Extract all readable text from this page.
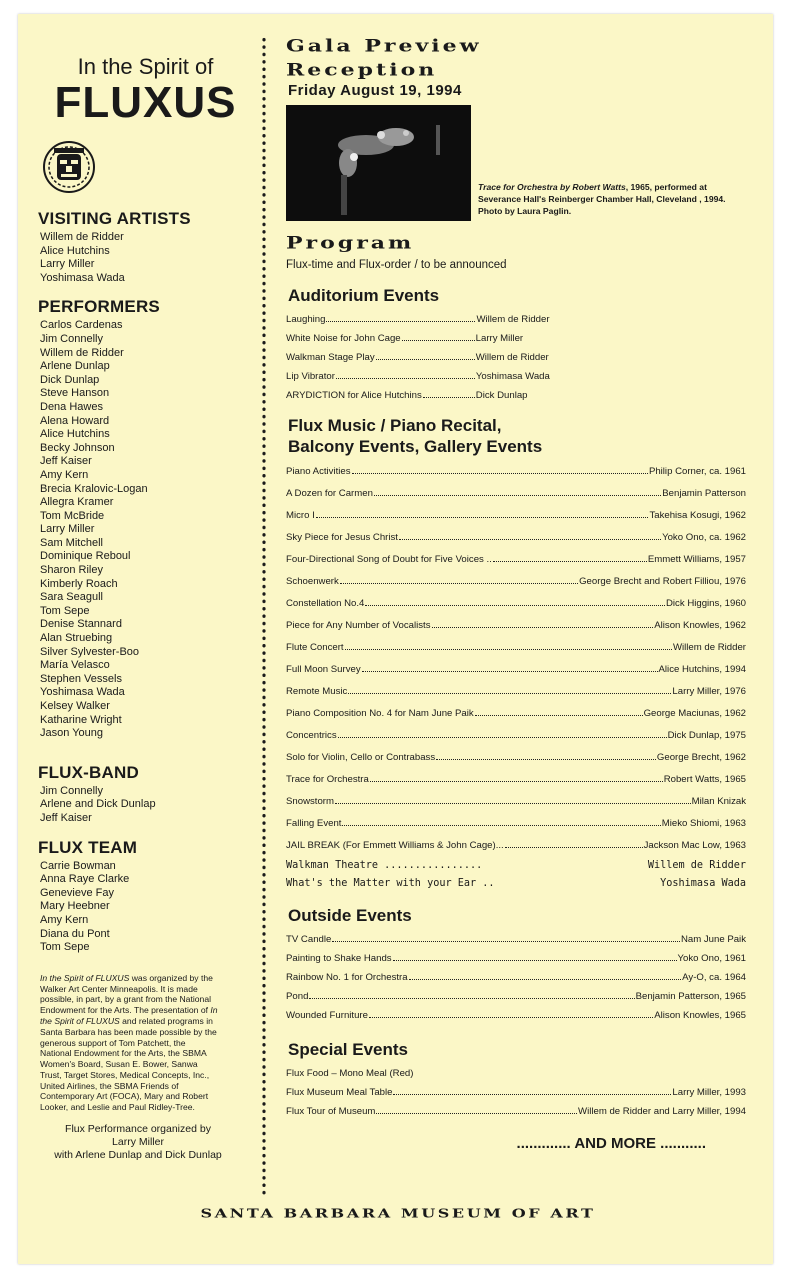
In the Spirit of
FLUXUS
VISITING ARTISTS
Willem de Ridder
Alice Hutchins
Larry Miller
Yoshimasa Wada
PERFORMERS
Carlos Cardenas
Jim Connelly
Willem de Ridder
Arlene Dunlap
Dick Dunlap
Steve Hanson
Dena Hawes
Alena Howard
Alice Hutchins
Becky Johnson
Jeff Kaiser
Amy Kern
Brecia Kralovic-Logan
Allegra Kramer
Tom McBride
Larry Miller
Sam Mitchell
Dominique Reboul
Sharon Riley
Kimberly Roach
Sara Seagull
Tom Sepe
Denise Stannard
Alan Struebing
Silver Sylvester-Boo
María Velasco
Stephen Vessels
Yoshimasa Wada
Kelsey Walker
Katharine Wright
Jason Young
FLUX-BAND
Jim Connelly
Arlene and Dick Dunlap
Jeff Kaiser
FLUX TEAM
Carrie Bowman
Anna Raye Clarke
Genevieve Fay
Mary Heebner
Amy Kern
Diana du Pont
Tom Sepe
In the Spirit of FLUXUS was organized by the Walker Art Center Minneapolis. It is made possible, in part, by a grant from the National Endowment for the Arts. The presentation of In the Spirit of FLUXUS and related programs in Santa Barbara has been made possible by the generous support of Tom Patchett, the National Endowment for the Arts, the SBMA Women's Board, Susan E. Bower, Sanwa Trust, Target Stores, Medical Concepts, Inc., United Airlines, the SBMA Friends of Contemporary Art (FOCA), Mary and Robert Looker, and Leslie and Paul Ridley-Tree.
Flux Performance organized by
Larry Miller
with Arlene Dunlap and Dick Dunlap
Gala Preview
Reception
Friday August 19, 1994
Trace for Orchestra by Robert Watts, 1965, performed at
Severance Hall's Reinberger Chamber Hall, Cleveland , 1994.
Photo by Laura Paglin.
Program
Flux-time and Flux-order / to be announced
Auditorium Events
Laughing	Willem de Ridder
White Noise for John Cage	Larry Miller
Walkman Stage Play	Willem de Ridder
Lip Vibrator	Yoshimasa Wada
ARYDICTION for Alice Hutchins	Dick Dunlap
Flux Music / Piano Recital,
Balcony Events, Gallery Events
Piano Activities	Philip Corner, ca. 1961
A Dozen for Carmen	Benjamin Patterson
Micro I	Takehisa Kosugi, 1962
Sky Piece for Jesus Christ	Yoko Ono, ca. 1962
Four-Directional Song of Doubt for Five Voices ..	Emmett Williams, 1957
Schoenwerk	George Brecht and Robert Filliou, 1976
Constellation No.4	Dick Higgins, 1960
Piece for Any Number of Vocalists	Alison Knowles, 1962
Flute Concert	Willem de Ridder
Full Moon Survey	Alice Hutchins, 1994
Remote Music	Larry Miller, 1976
Piano Composition No. 4 for Nam June Paik	George Maciunas, 1962
Concentrics	Dick Dunlap, 1975
Solo for Violin, Cello or Contrabass	George Brecht, 1962
Trace for Orchestra	Robert Watts, 1965
Snowstorm	Milan Knizak
Falling Event	Mieko Shiomi, 1963
JAIL BREAK (For Emmett Williams & John Cage)...	Jackson Mac Low, 1963
Walkman Theatre ................	Willem de Ridder
What's the Matter with your Ear ..	Yoshimasa Wada
Outside Events
TV Candle	Nam June Paik
Painting to Shake Hands	Yoko Ono, 1961
Rainbow No. 1 for Orchestra	Ay-O, ca. 1964
Pond	Benjamin Patterson, 1965
Wounded Furniture	Alison Knowles, 1965
Special Events
Flux Food – Mono Meal (Red)
Flux Museum Meal Table	Larry Miller, 1993
Flux Tour of Museum	Willem de Ridder and Larry Miller, 1994
............. AND MORE ...........
SANTA BARBARA MUSEUM OF ART
